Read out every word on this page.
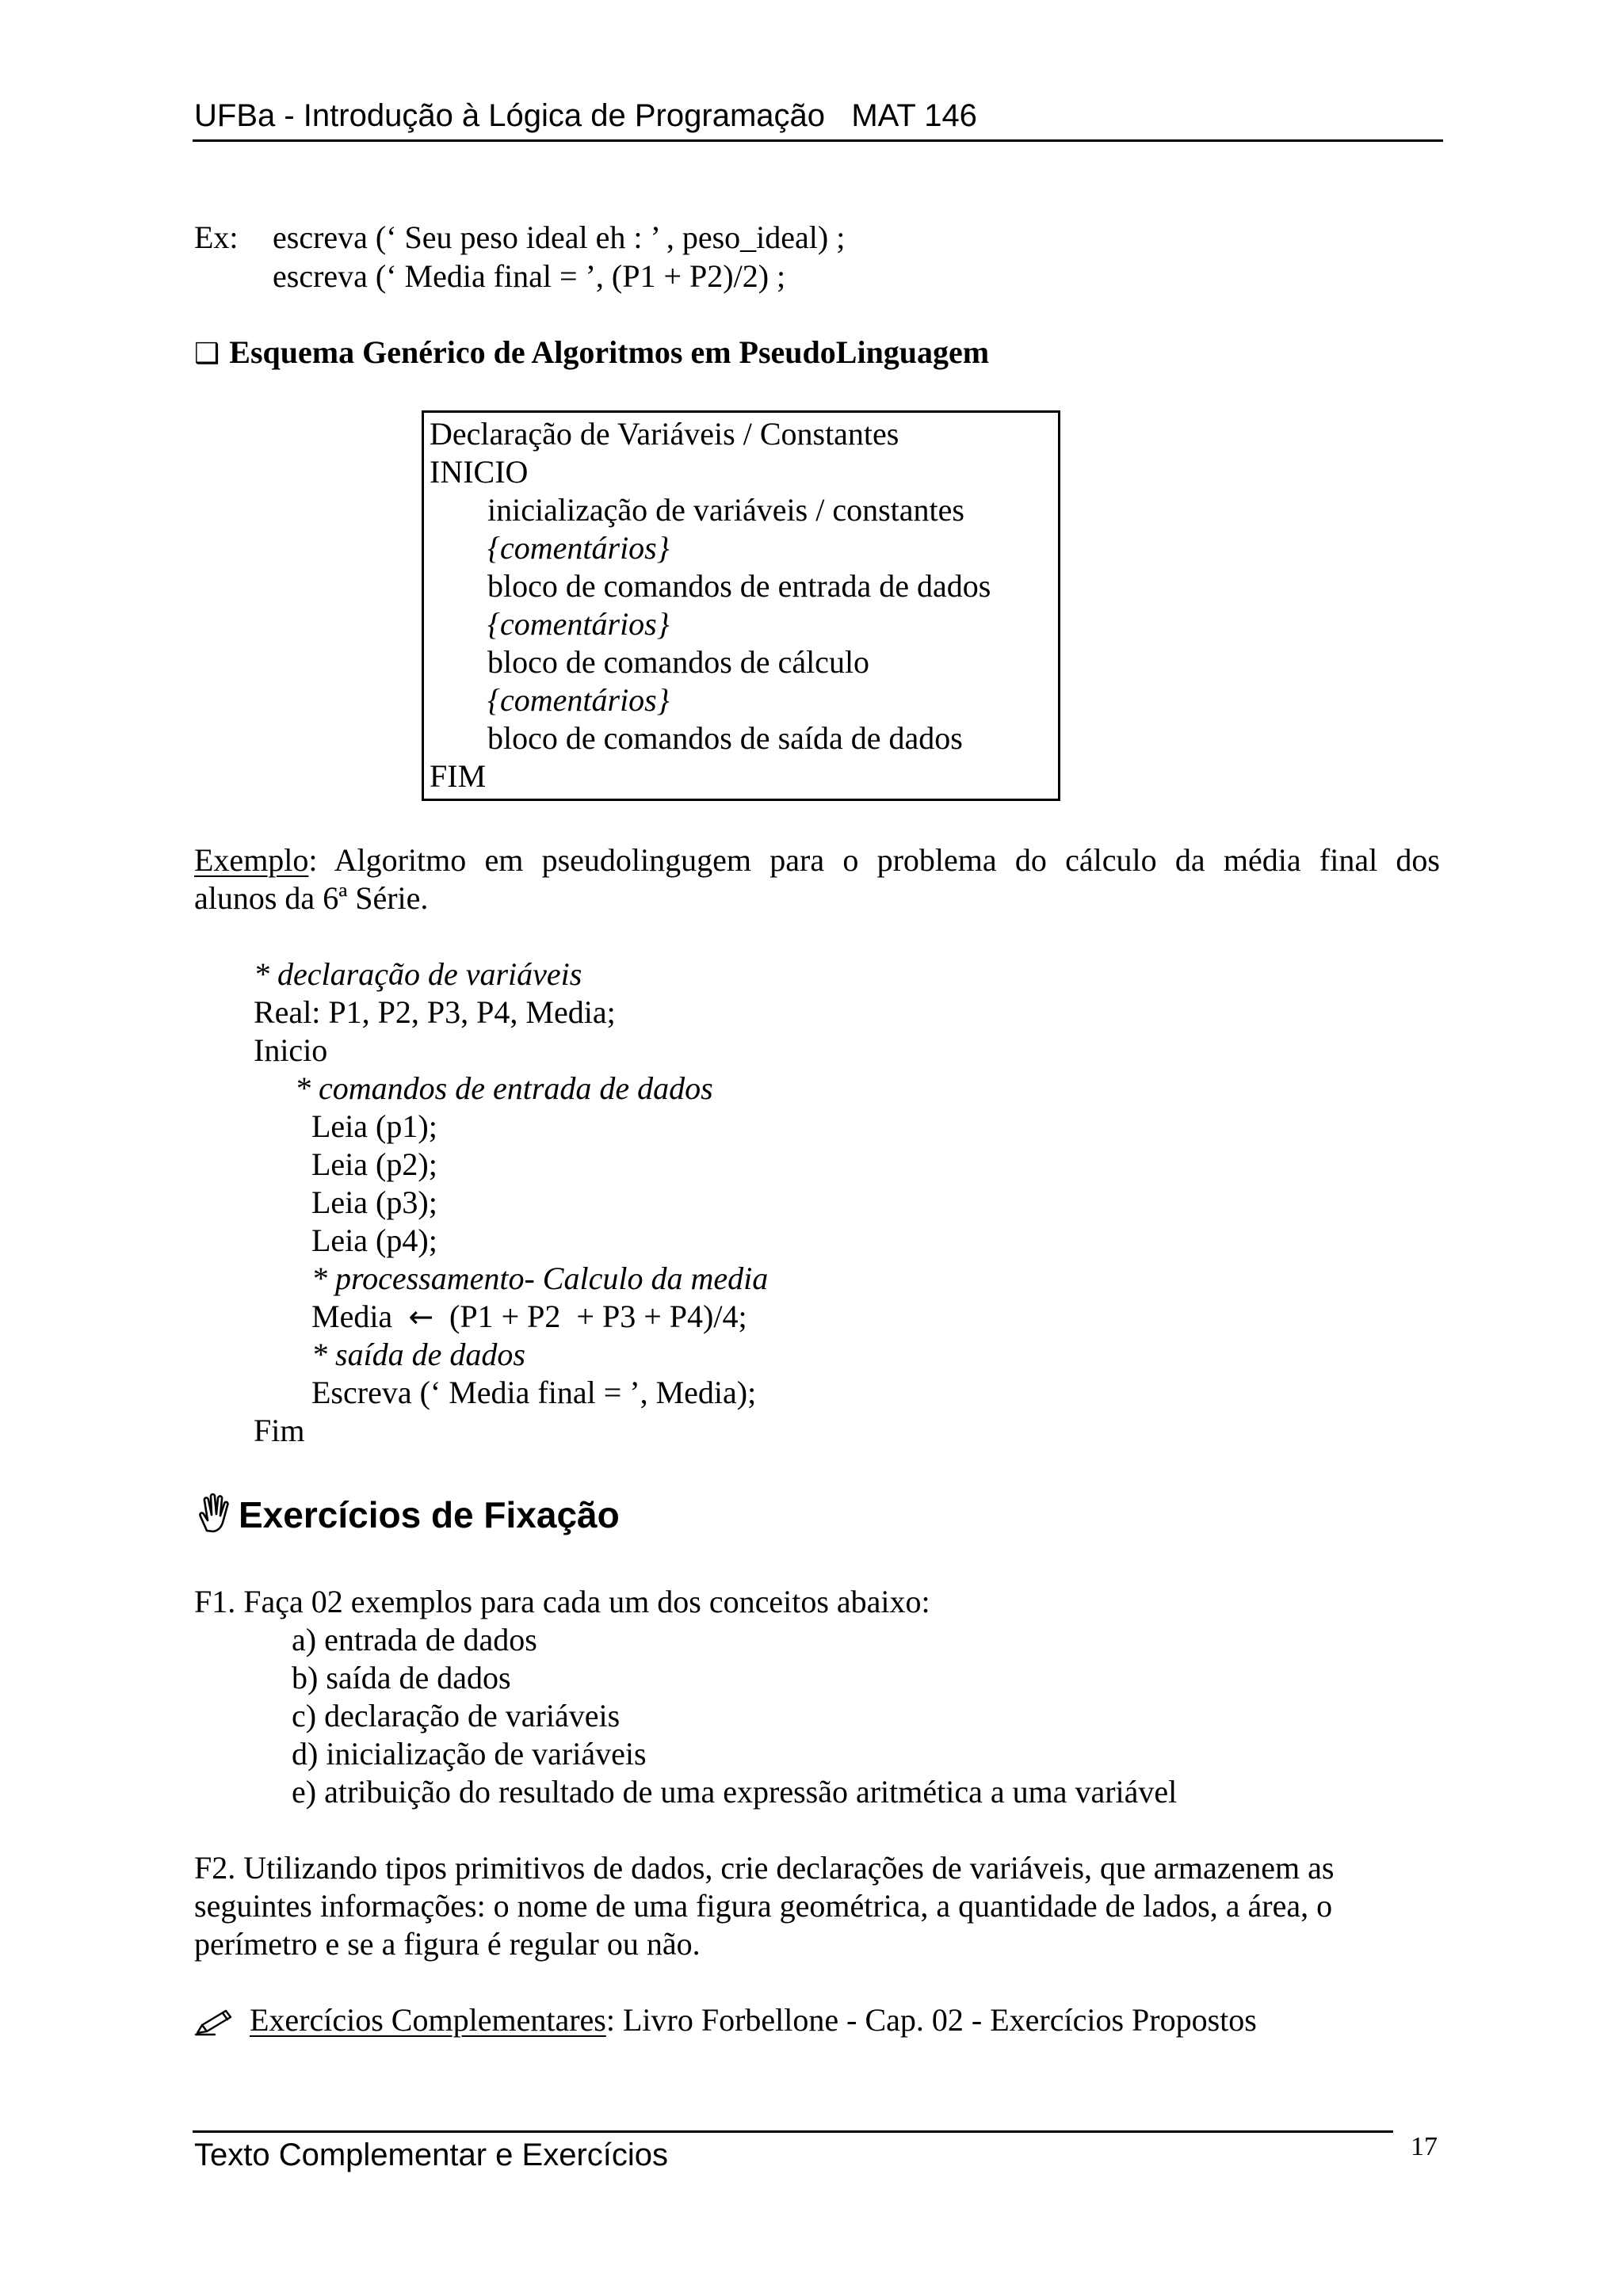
UFBa - Introdução à Lógica de Programação   MAT 146
Ex: escreva (‘ Seu peso ideal eh : ’ , peso_ideal) ;
escreva (‘ Media final = ’, (P1 + P2)/2) ;
❑ Esquema Genérico de Algoritmos em PseudoLinguagem
Declaração de Variáveis / Constantes
INICIO
inicialização de variáveis / constantes
{comentários}
bloco de comandos de entrada de dados
{comentários}
bloco de comandos de cálculo
{comentários}
bloco de comandos de saída de dados
FIM
Exemplo: Algoritmo em pseudolingugem para o problema do cálculo da média final dos
alunos da 6ª Série.
* declaração de variáveis
Real: P1, P2, P3, P4, Media;
Inicio
* comandos de entrada de dados
Leia (p1);
Leia (p2);
Leia (p3);
Leia (p4);
* processamento- Calculo da media
Media ← (P1 + P2  + P3 + P4)/4;
* saída de dados
Escreva (‘ Media final = ’, Media);
Fim
Exercícios de Fixação
F1. Faça 02 exemplos para cada um dos conceitos abaixo:
a) entrada de dados
b) saída de dados
c) declaração de variáveis
d) inicialização de variáveis
e) atribuição do resultado de uma expressão aritmética a uma variável
F2. Utilizando tipos primitivos de dados, crie declarações de variáveis, que armazenem as
seguintes informações: o nome de uma figura geométrica, a quantidade de lados, a área, o
perímetro e se a figura é regular ou não.
Exercícios Complementares: Livro Forbellone - Cap. 02 - Exercícios Propostos
Texto Complementar e Exercícios	17
